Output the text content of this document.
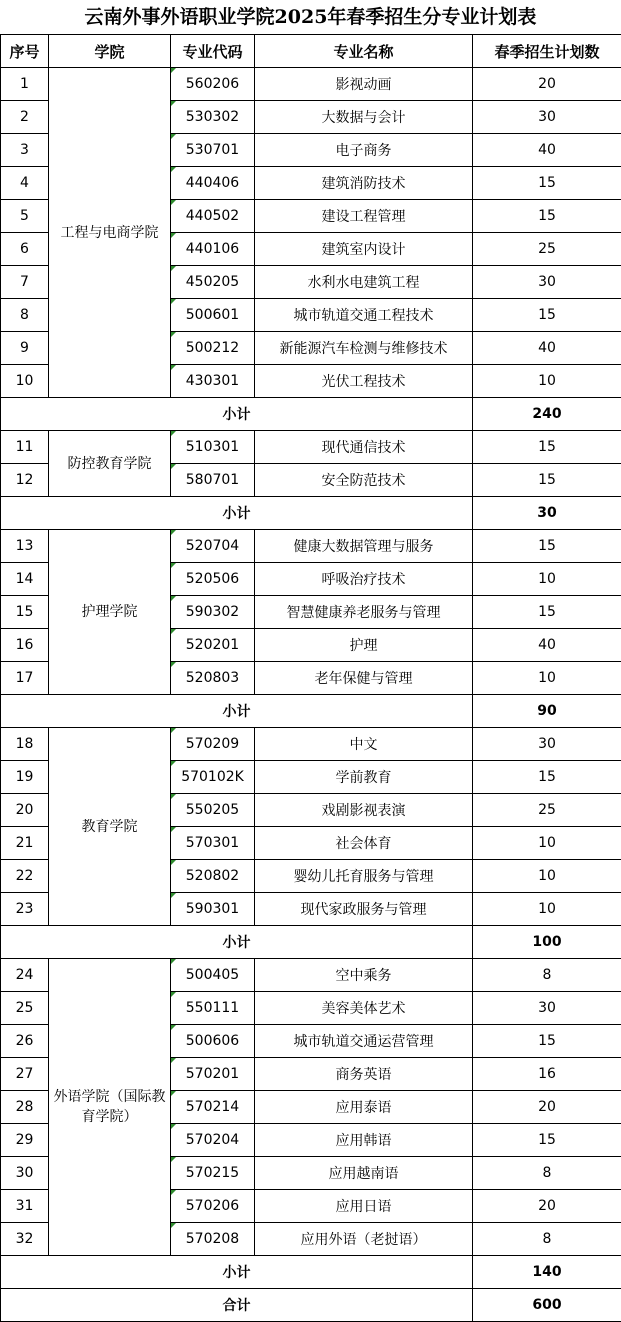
云南外事外语职业学院2025年春季招生分专业计划表
序号	学院	专业代码	专业名称	春季招生计划数
1	工程与电商学院	560206	影视动画	20
2		530302	大数据与会计	30
3		530701	电子商务	40
4		440406	建筑消防技术	15
5		440502	建设工程管理	15
6		440106	建筑室内设计	25
7		450205	水利水电建筑工程	30
8		500601	城市轨道交通工程技术	15
9		500212	新能源汽车检测与维修技术	40
10		430301	光伏工程技术	10
小计				240
11	防控教育学院	510301	现代通信技术	15
12		580701	安全防范技术	15
小计				30
13	护理学院	520704	健康大数据管理与服务	15
14		520506	呼吸治疗技术	10
15		590302	智慧健康养老服务与管理	15
16		520201	护理	40
17		520803	老年保健与管理	10
小计				90
18	教育学院	570209	中文	30
19		570102K	学前教育	15
20		550205	戏剧影视表演	25
21		570301	社会体育	10
22		520802	婴幼儿托育服务与管理	10
23		590301	现代家政服务与管理	10
小计				100
24	外语学院（国际教育学院）	500405	空中乘务	8
25		550111	美容美体艺术	30
26		500606	城市轨道交通运营管理	15
27		570201	商务英语	16
28		570214	应用泰语	20
29		570204	应用韩语	15
30		570215	应用越南语	8
31		570206	应用日语	20
32		570208	应用外语（老挝语）	8
小计				140
合计				600
